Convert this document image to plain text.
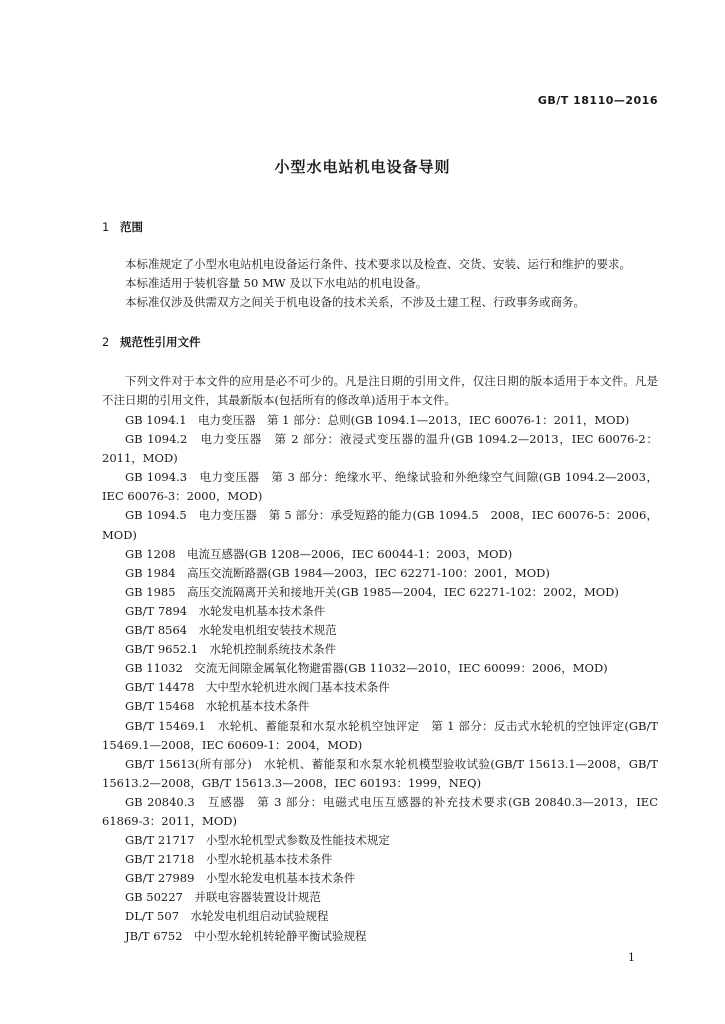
GB/T 18110—2016
小型水电站机电设备导则
1 范围
本标准规定了小型水电站机电设备运行条件、技术要求以及检查、交货、安装、运行和维护的要求。
本标准适用于装机容量 50 MW 及以下水电站的机电设备。
本标准仅涉及供需双方之间关于机电设备的技术关系，不涉及土建工程、行政事务或商务。
2 规范性引用文件
下列文件对于本文件的应用是必不可少的。凡是注日期的引用文件，仅注日期的版本适用于本文件。凡是不注日期的引用文件，其最新版本(包括所有的修改单)适用于本文件。
GB 1094.1　电力变压器　第 1 部分：总则(GB 1094.1—2013，IEC 60076-1：2011，MOD)
GB 1094.2　电力变压器　第 2 部分：液浸式变压器的温升(GB 1094.2—2013，IEC 60076-2：2011，MOD)
GB 1094.3　电力变压器　第 3 部分：绝缘水平、绝缘试验和外绝缘空气间隙(GB 1094.2—2003，IEC 60076-3：2000，MOD)
GB 1094.5　电力变压器　第 5 部分：承受短路的能力(GB 1094.5　2008，IEC 60076-5：2006，MOD)
GB 1208　电流互感器(GB 1208—2006，IEC 60044-1：2003，MOD)
GB 1984　高压交流断路器(GB 1984—2003，IEC 62271-100：2001，MOD)
GB 1985　高压交流隔离开关和接地开关(GB 1985—2004，IEC 62271-102：2002，MOD)
GB/T 7894　水轮发电机基本技术条件
GB/T 8564　水轮发电机组安装技术规范
GB/T 9652.1　水轮机控制系统技术条件
GB 11032　交流无间隙金属氧化物避雷器(GB 11032—2010，IEC 60099：2006，MOD)
GB/T 14478　大中型水轮机进水阀门基本技术条件
GB/T 15468　水轮机基本技术条件
GB/T 15469.1　水轮机、蓄能泵和水泵水轮机空蚀评定　第 1 部分：反击式水轮机的空蚀评定(GB/T 15469.1—2008，IEC 60609-1：2004，MOD)
GB/T 15613(所有部分)　水轮机、蓄能泵和水泵水轮机模型验收试验(GB/T 15613.1—2008，GB/T 15613.2—2008，GB/T 15613.3—2008，IEC 60193：1999，NEQ)
GB 20840.3　互感器　第 3 部分：电磁式电压互感器的补充技术要求(GB 20840.3—2013，IEC 61869-3：2011，MOD)
GB/T 21717　小型水轮机型式参数及性能技术规定
GB/T 21718　小型水轮机基本技术条件
GB/T 27989　小型水轮发电机基本技术条件
GB 50227　并联电容器装置设计规范
DL/T 507　水轮发电机组启动试验规程
JB/T 6752　中小型水轮机转轮静平衡试验规程
1
